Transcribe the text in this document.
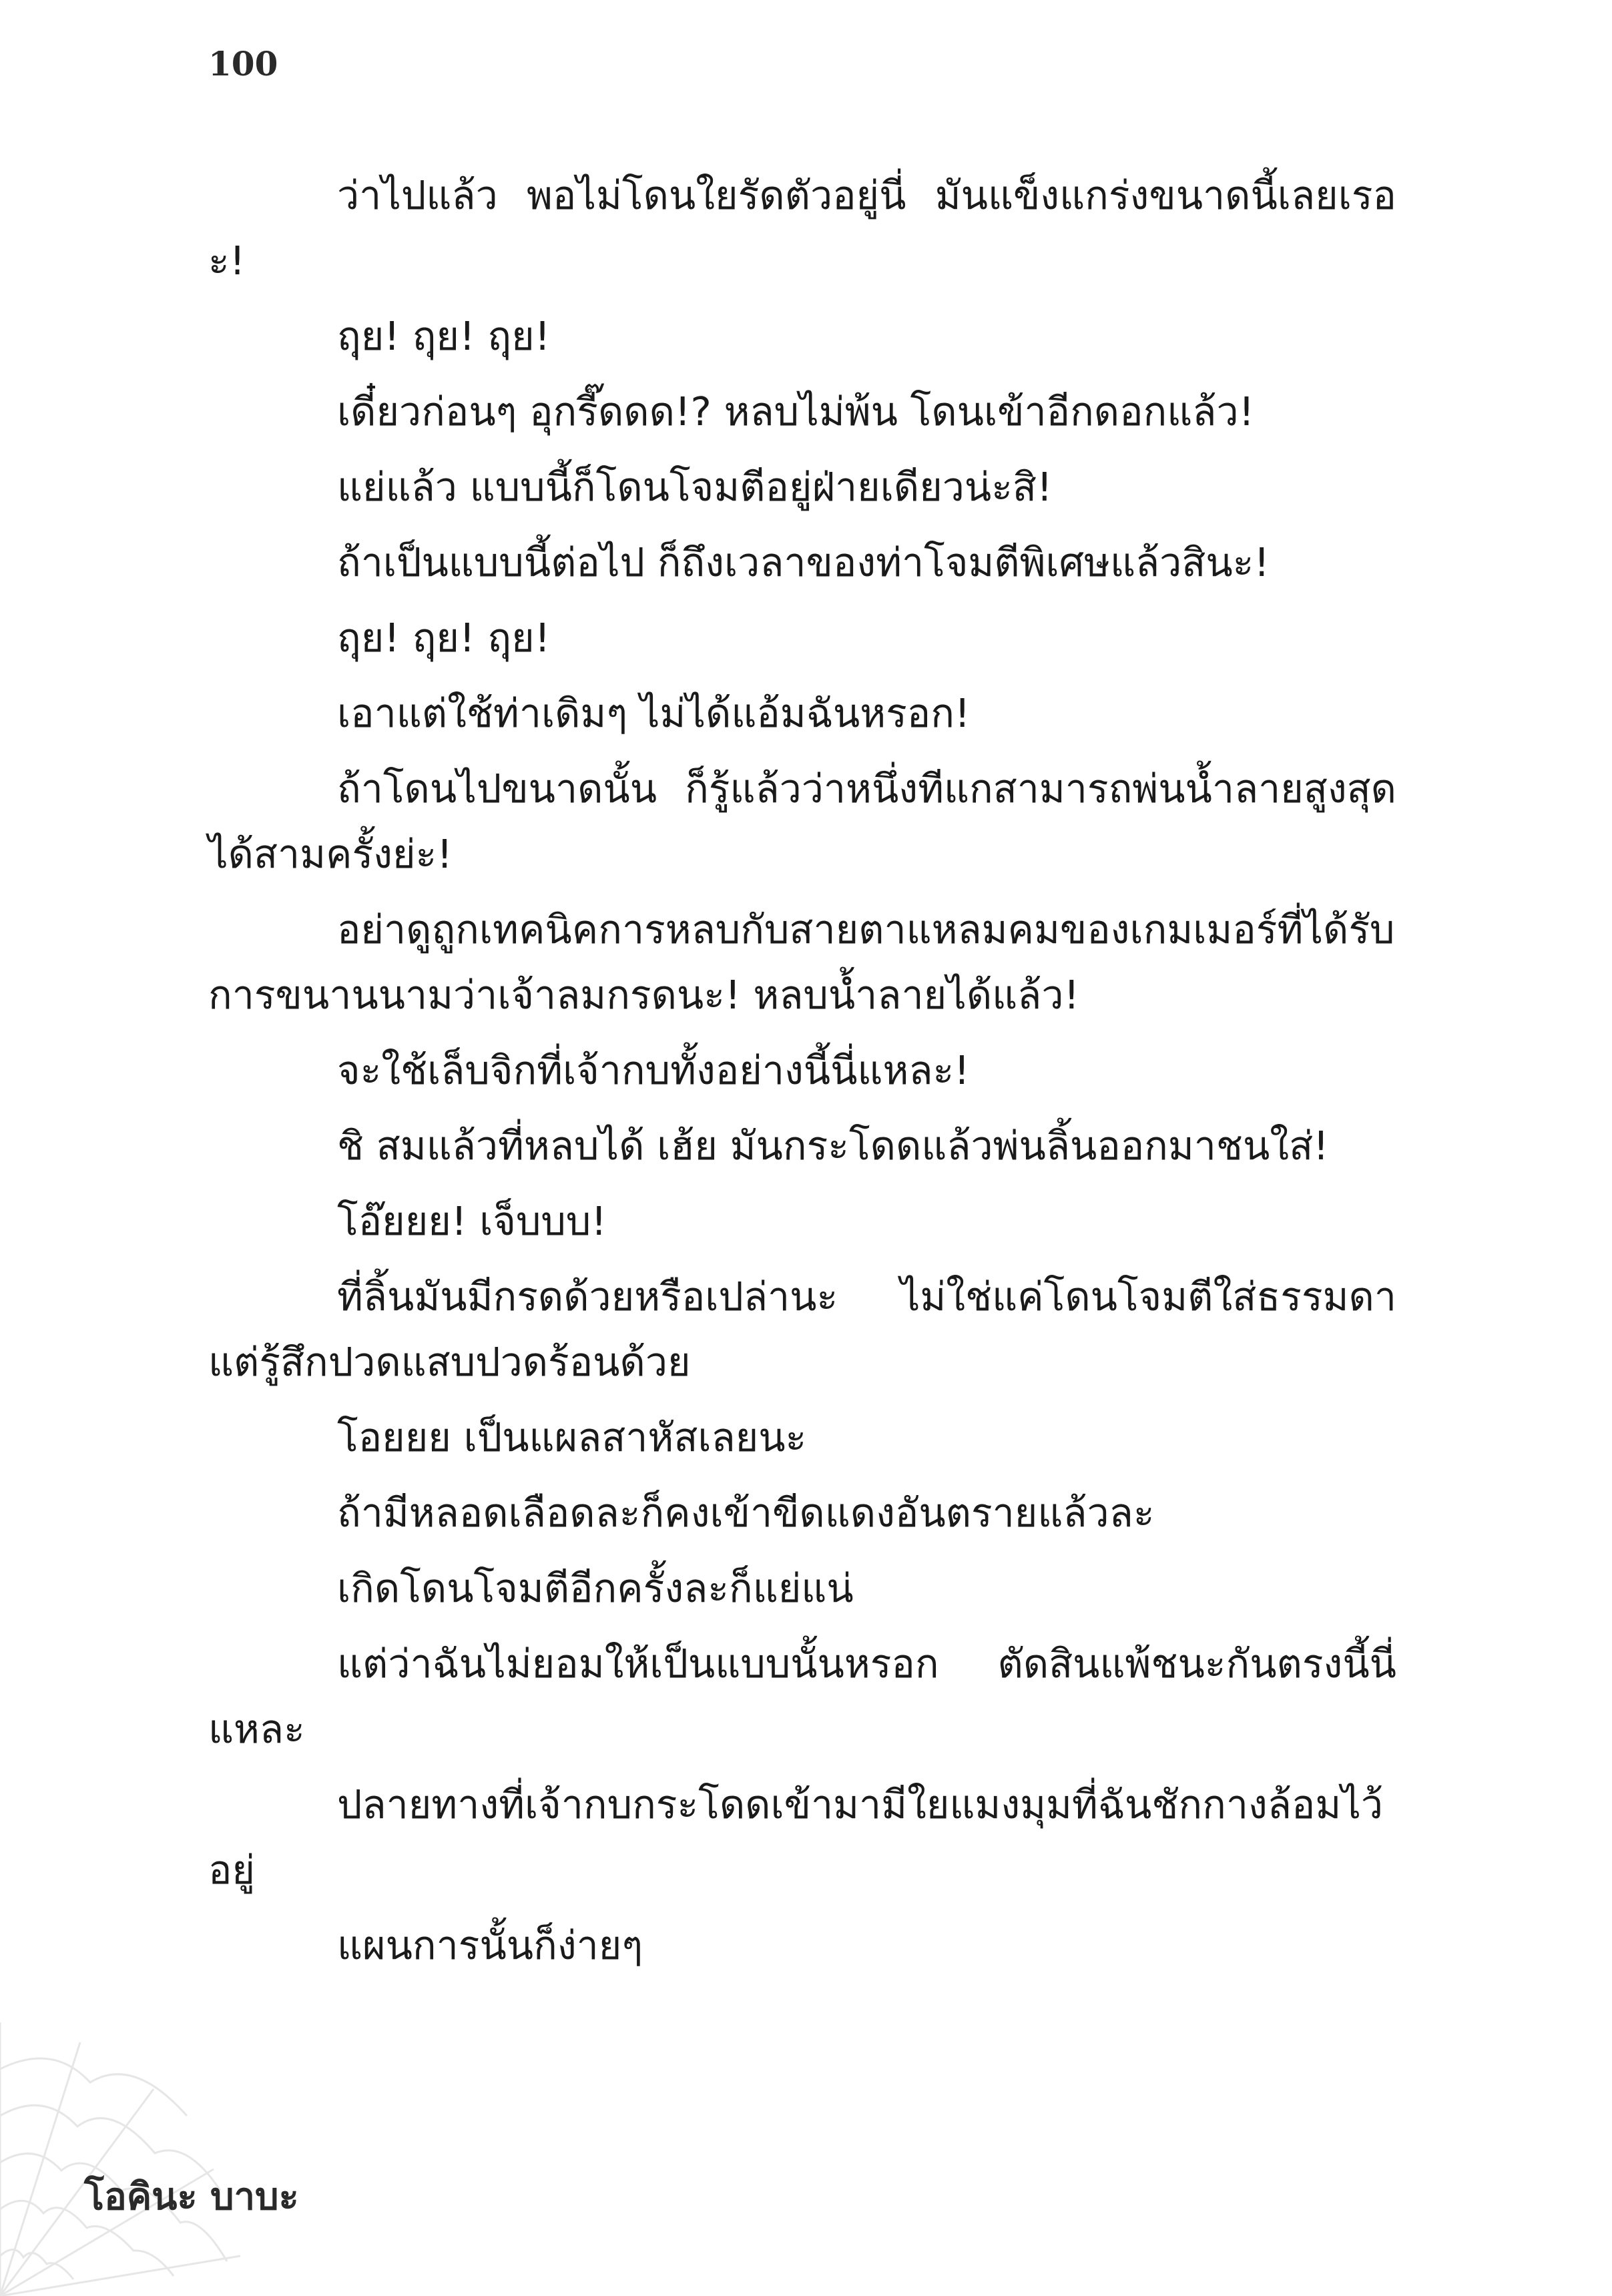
100

ว่าไปแล้ว พอไม่โดนใยรัดตัวอยู่นี่ มันแข็งแกร่งขนาดนี้เลยเรอะ!

ฤุย! ฤุย! ฤุย!

เดี๋ยวก่อนๆ อุกรี๊ดดด!? หลบไม่พ้น โดนเข้าอีกดอกแล้ว!

แย่แล้ว แบบนี้ก็โดนโจมตีอยู่ฝ่ายเดียวน่ะสิ!

ถ้าเป็นแบบนี้ต่อไป ก็ถึงเวลาของท่าโจมตีพิเศษแล้วสินะ!

ฤุย! ฤุย! ฤุย!

เอาแต่ใช้ท่าเดิมๆ ไม่ได้แอ้มฉันหรอก!

ถ้าโดนไปขนาดนั้น ก็รู้แล้วว่าหนึ่งทีแกสามารถพ่นน้ำลายสูงสุดได้สามครั้งย่ะ!

อย่าดูถูกเทคนิคการหลบกับสายตาแหลมคมของเกมเมอร์ที่ได้รับการขนานนามว่าเจ้าลมกรดนะ! หลบน้ำลายได้แล้ว!

จะใช้เล็บจิกที่เจ้ากบทั้งอย่างนี้นี่แหละ!

ชิ สมแล้วที่หลบได้ เฮ้ย มันกระโดดแล้วพ่นลิ้นออกมาชนใส่!

โอ๊ยยย! เจ็บบบ!

ที่ลิ้นมันมีกรดด้วยหรือเปล่านะ ไม่ใช่แค่โดนโจมตีใส่ธรรมดาแต่รู้สึกปวดแสบปวดร้อนด้วย

โอยยย เป็นแผลสาหัสเลยนะ

ถ้ามีหลอดเลือดละก็คงเข้าขีดแดงอันตรายแล้วละ

เกิดโดนโจมตีอีกครั้งละก็แย่แน่

แต่ว่าฉันไม่ยอมให้เป็นแบบนั้นหรอก ตัดสินแพ้ชนะกันตรงนี้นี่แหละ

ปลายทางที่เจ้ากบกระโดดเข้ามามีใยแมงมุมที่ฉันชักกางล้อมไว้อยู่

แผนการนั้นก็ง่ายๆ

โอคินะ บาบะ
